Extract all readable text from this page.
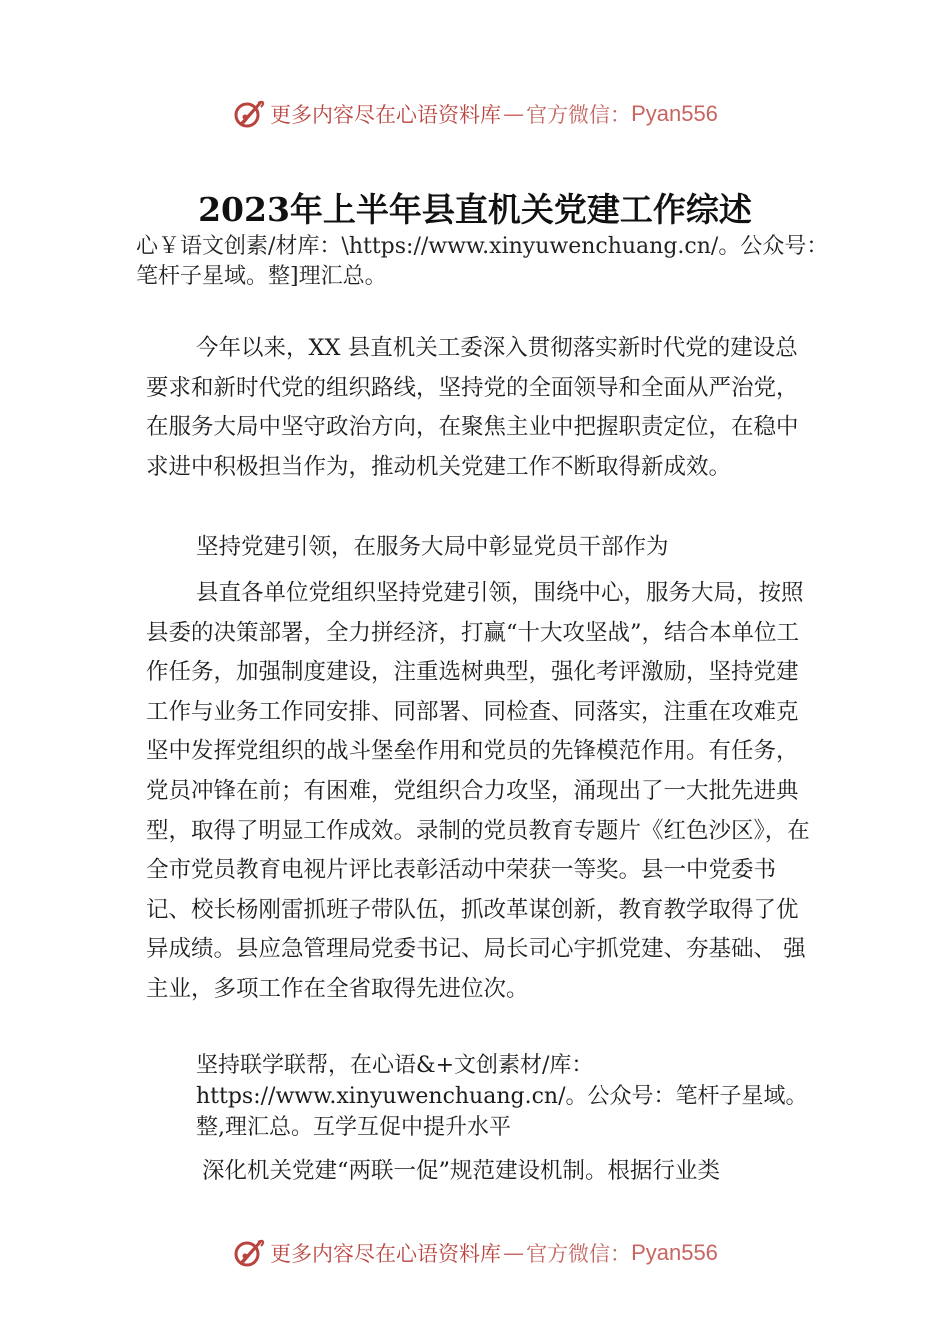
更多内容尽在心语资料库 — 官方微信： Pyan556
2023年上半年县直机关党建工作综述
心￥语文创素/材库：\https://www.xinyuwenchuang.cn/。公众号：笔杆子星域。整]理汇总。
今年以来，XX 县直机关工委深入贯彻落实新时代党的建设总要求和新时代党的组织路线，坚持党的全面领导和全面从严治党，在服务大局中坚守政治方向，在聚焦主业中把握职责定位，在稳中求进中积极担当作为，推动机关党建工作不断取得新成效。
坚持党建引领，在服务大局中彰显党员干部作为
县直各单位党组织坚持党建引领，围绕中心，服务大局，按照县委的决策部署，全力拼经济，打赢“十大攻坚战”，结合本单位工作任务，加强制度建设，注重选树典型，强化考评激励，坚持党建工作与业务工作同安排、同部署、同检查、同落实，注重在攻难克坚中发挥党组织的战斗堡垒作用和党员的先锋模范作用。有任务，党员冲锋在前；有困难，党组织合力攻坚，涌现出了一大批先进典型，取得了明显工作成效。录制的党员教育专题片《红色沙区》，在全市党员教育电视片评比表彰活动中荣获一等奖。县一中党委书记、校长杨刚雷抓班子带队伍，抓改革谋创新，教育教学取得了优异成绩。县应急管理局党委书记、局长司心宇抓党建、夯基础、 强主业，多项工作在全省取得先进位次。
坚持联学联帮，在心语&+文创素材/库：https://www.xinyuwenchuang.cn/。公众号：笔杆子星域。整,理汇总。互学互促中提升水平
深化机关党建“两联一促”规范建设机制。根据行业类
更多内容尽在心语资料库 — 官方微信： Pyan556
